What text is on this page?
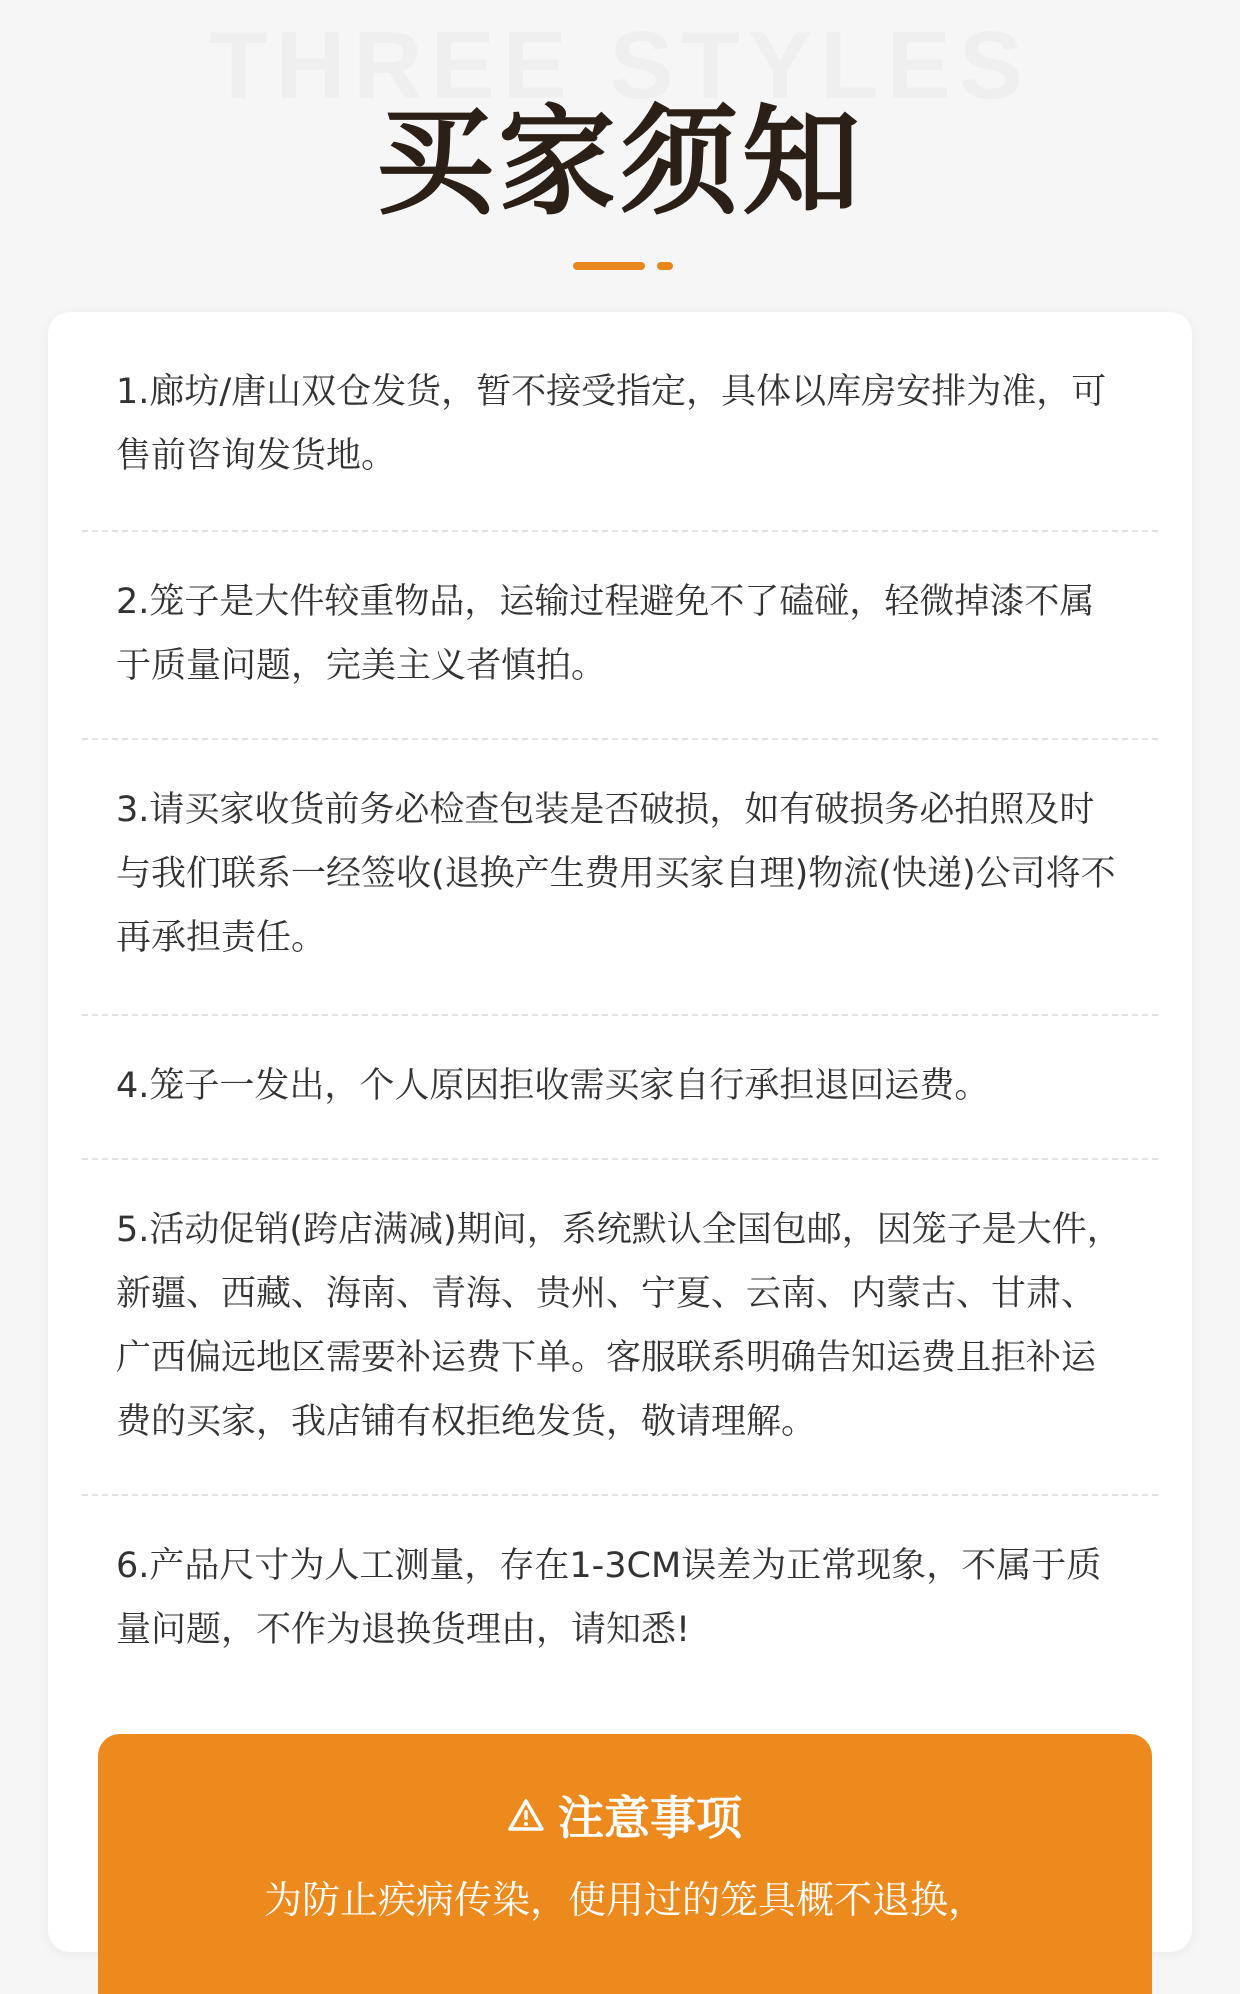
THREE STYLES
买家须知
1.廊坊/唐山双仓发货，暂不接受指定，具体以库房安排为准，可售前咨询发货地。
2.笼子是大件较重物品，运输过程避免不了磕碰，轻微掉漆不属于质量问题，完美主义者慎拍。
3.请买家收货前务必检查包装是否破损，如有破损务必拍照及时与我们联系一经签收(退换产生费用买家自理)物流(快递)公司将不再承担责任。
4.笼子一发出，个人原因拒收需买家自行承担退回运费。
5.活动促销(跨店满减)期间，系统默认全国包邮，因笼子是大件，新疆、西藏、海南、青海、贵州、宁夏、云南、内蒙古、甘肃、广西偏远地区需要补运费下单。客服联系明确告知运费且拒补运费的买家，我店铺有权拒绝发货，敬请理解。
6.产品尺寸为人工测量，存在1-3CM误差为正常现象，不属于质量问题，不作为退换货理由，请知悉!
注意事项
为防止疾病传染，使用过的笼具概不退换，
